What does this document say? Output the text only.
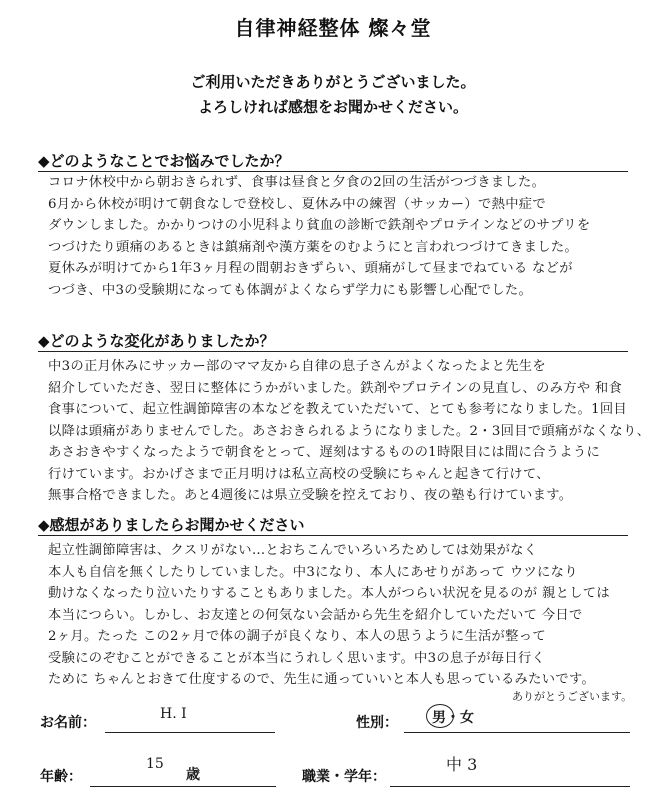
自律神経整体 燦々堂
ご利用いただきありがとうございました。
よろしければ感想をお聞かせください。
◆どのようなことでお悩みでしたか？

コロナ休校中から朝おきられず、食事は昼食と夕食の2回の生活がつづきました。

6月から休校が明けて朝食なしで登校し、夏休み中の練習（サッカー）で熱中症で

ダウンしました。かかりつけの小児科より貧血の診断で鉄剤やプロテインなどのサプリを

つづけたり頭痛のあるときは鎮痛剤や漢方薬をのむようにと言われつづけてきました。

夏休みが明けてから1年3ヶ月程の間朝おきずらい、頭痛がして昼までねている などが

つづき、中3の受験期になっても体調がよくならず学力にも影響し心配でした。

◆どのような変化がありましたか？

中3の正月休みにサッカー部のママ友から自律の息子さんがよくなったよと先生を

紹介していただき、翌日に整体にうかがいました。鉄剤やプロテインの見直し、のみ方や 和食

食事について、起立性調節障害の本などを教えていただいて、とても参考になりました。1回目

以降は頭痛がありませんでした。あさおきられるようになりました。2・3回目で頭痛がなくなり、

あさおきやすくなったようで朝食をとって、遅刻はするものの1時限目には間に合うように

行けています。おかげさまで正月明けは私立高校の受験にちゃんと起きて行けて、

無事合格できました。あと4週後には県立受験を控えており、夜の塾も行けています。

◆感想がありましたらお聞かせください

起立性調節障害は、クスリがない…とおちこんでいろいろためしては効果がなく

本人も自信を無くしたりしていました。中3になり、本人にあせりがあって ウツになり

動けなくなったり泣いたりすることもありました。本人がつらい状況を見るのが 親としては

本当につらい。しかし、お友達との何気ない会話から先生を紹介していただいて 今日で

2ヶ月。たった この2ヶ月で体の調子が良くなり、本人の思うように生活が整って

受験にのぞむことができることが本当にうれしく思います。中3の息子が毎日行く

ために ちゃんとおきて仕度するので、先生に通っていいと本人も思っているみたいです。

ありがとうございます。
お名前：
H. I
性別： 男・女
年齢：
15
歳	職業・学年：
中 3
